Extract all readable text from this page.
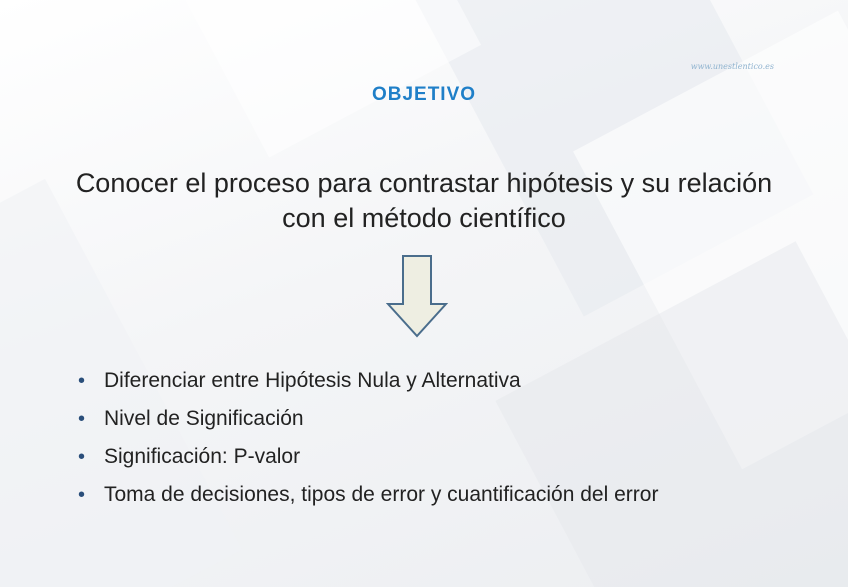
www.unestlentico.es
OBJETIVO
Conocer el proceso para contrastar hipótesis y su relación con el método científico
• Diferenciar entre Hipótesis Nula y Alternativa
• Nivel de Significación
• Significación: P-valor
• Toma de decisiones, tipos de error y cuantificación del error
